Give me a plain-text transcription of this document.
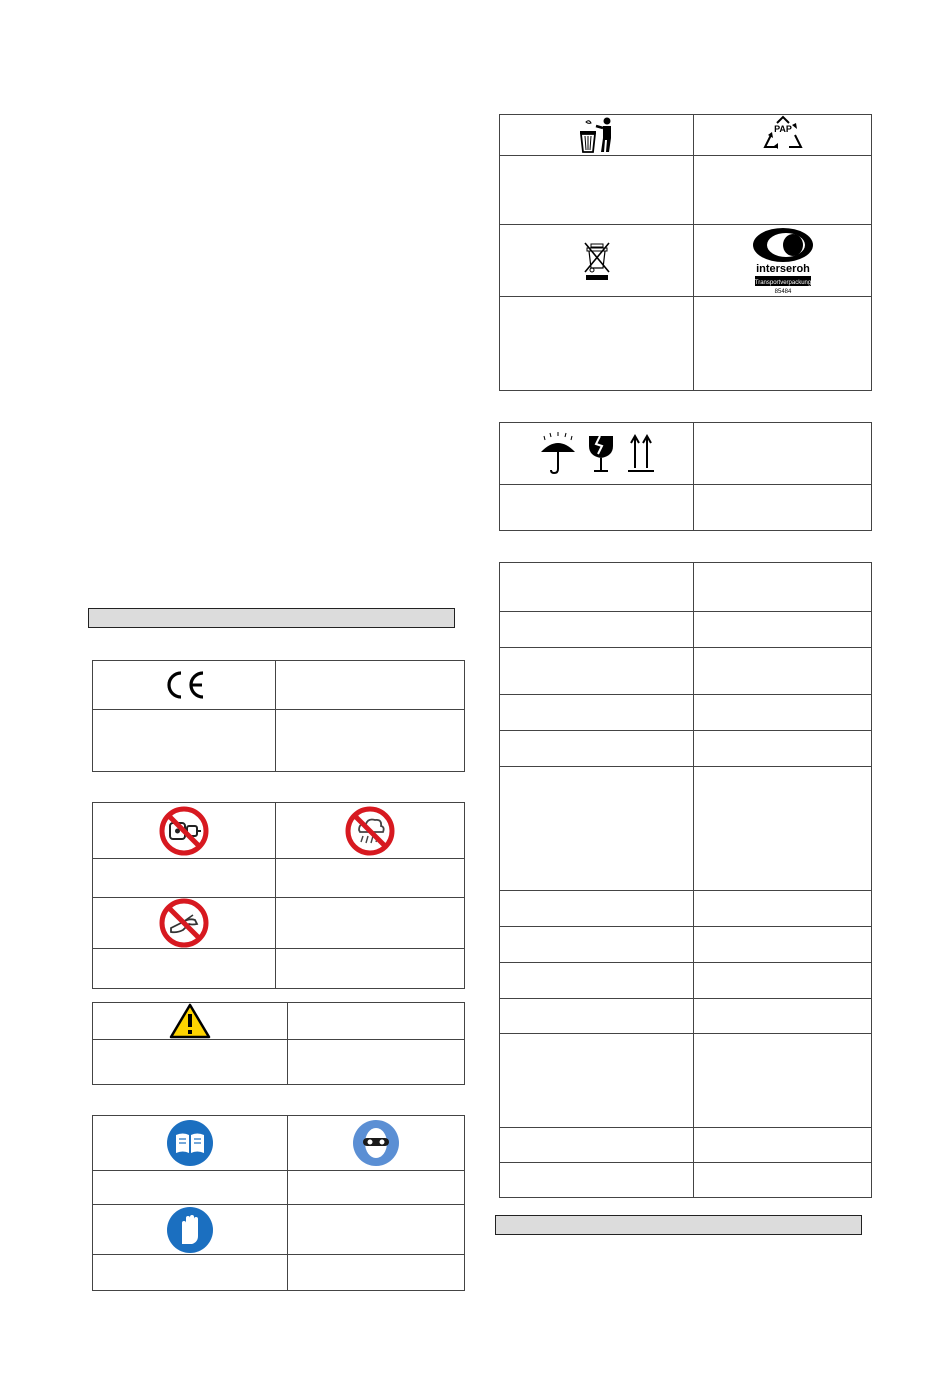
PAP

interseroh
Transportverpackung
85484
